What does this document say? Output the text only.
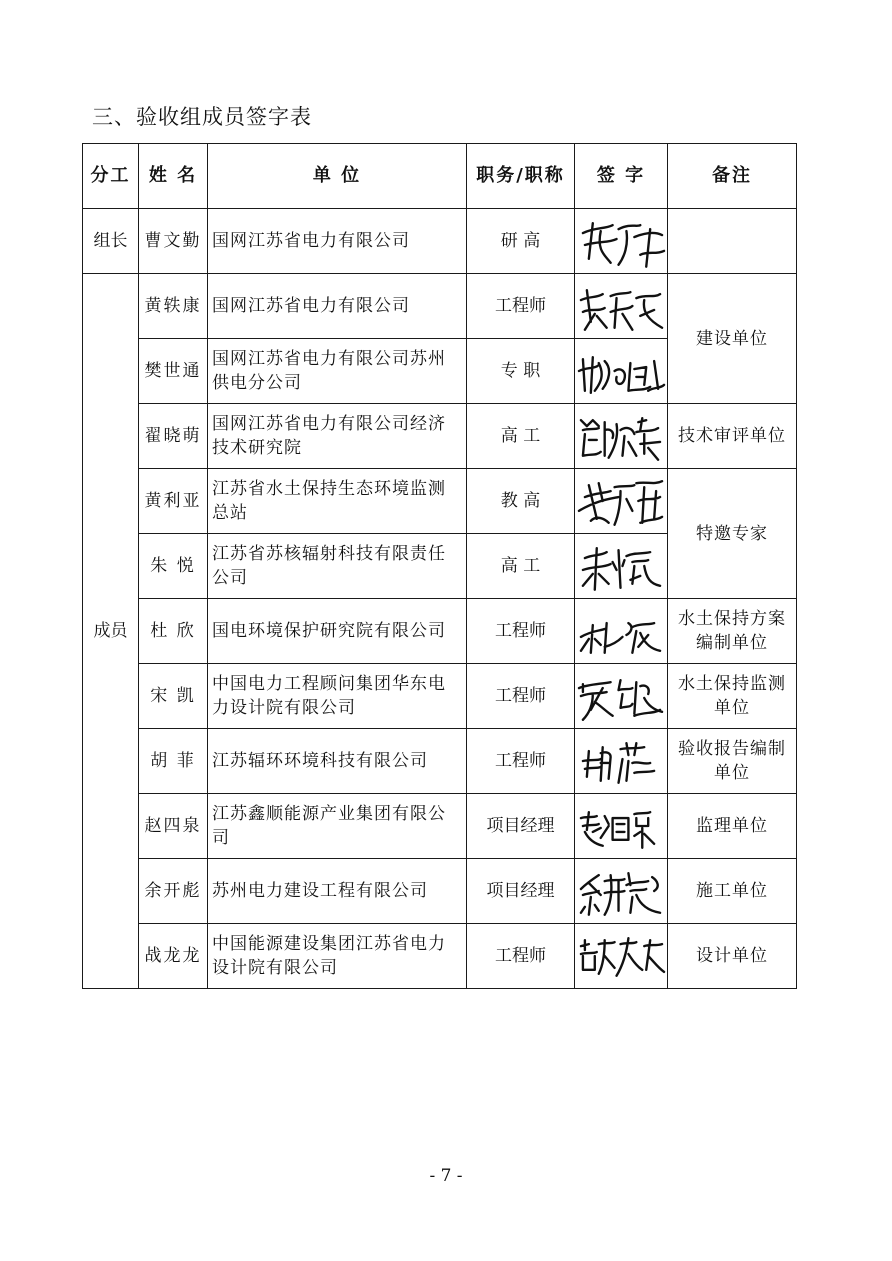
三、验收组成员签字表
分工	姓 名	单 位	职务/职称	签 字	备注
组长	曹文勤	国网江苏省电力有限公司	研 高	

成员	黄轶康	国网江苏省电力有限公司	工程师		建设单位
	樊世通	国网江苏省电力有限公司苏州供电分公司	专 职	

	翟晓萌	国网江苏省电力有限公司经济技术研究院	高 工		技术审评单位
	黄利亚	江苏省水土保持生态环境监测总站	教 高		特邀专家
	朱 悦	江苏省苏核辐射科技有限责任公司	高 工	

	杜 欣	国电环境保护研究院有限公司	工程师		水土保持方案编制单位
	宋 凯	中国电力工程顾问集团华东电力设计院有限公司	工程师		水土保持监测单位
	胡 菲	江苏辐环环境科技有限公司	工程师		验收报告编制单位
	赵四泉	江苏鑫顺能源产业集团有限公司	项目经理		监理单位
	余开彪	苏州电力建设工程有限公司	项目经理		施工单位
	战龙龙	中国能源建设集团江苏省电力设计院有限公司	工程师		设计单位
- 7 -
